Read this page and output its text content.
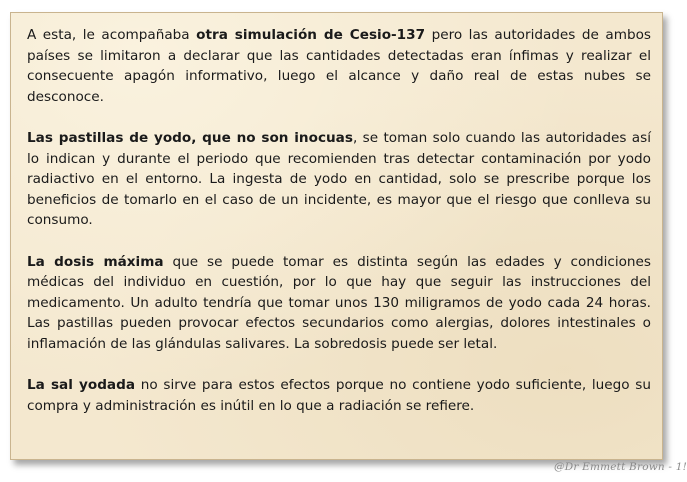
A esta, le acompañaba otra simulación de Cesio-137 pero las autoridades de ambos países se limitaron a declarar que las cantidades detectadas eran ínfimas y realizar el consecuente apagón informativo, luego el alcance y daño real de estas nubes se desconoce.

Las pastillas de yodo, que no son inocuas, se toman solo cuando las autoridades así lo indican y durante el periodo que recomienden tras detectar contaminación por yodo radiactivo en el entorno. La ingesta de yodo en cantidad, solo se prescribe porque los beneficios de tomarlo en el caso de un incidente, es mayor que el riesgo que conlleva su consumo.

La dosis máxima que se puede tomar es distinta según las edades y condiciones médicas del individuo en cuestión, por lo que hay que seguir las instrucciones del medicamento. Un adulto tendría que tomar unos 130 miligramos de yodo cada 24 horas. Las pastillas pueden provocar efectos secundarios como alergias, dolores intestinales o inflamación de las glándulas salivares. La sobredosis puede ser letal.

La sal yodada no sirve para estos efectos porque no contiene yodo suficiente, luego su compra y administración es inútil en lo que a radiación se refiere.

@Dr Emmett Brown - 1!
